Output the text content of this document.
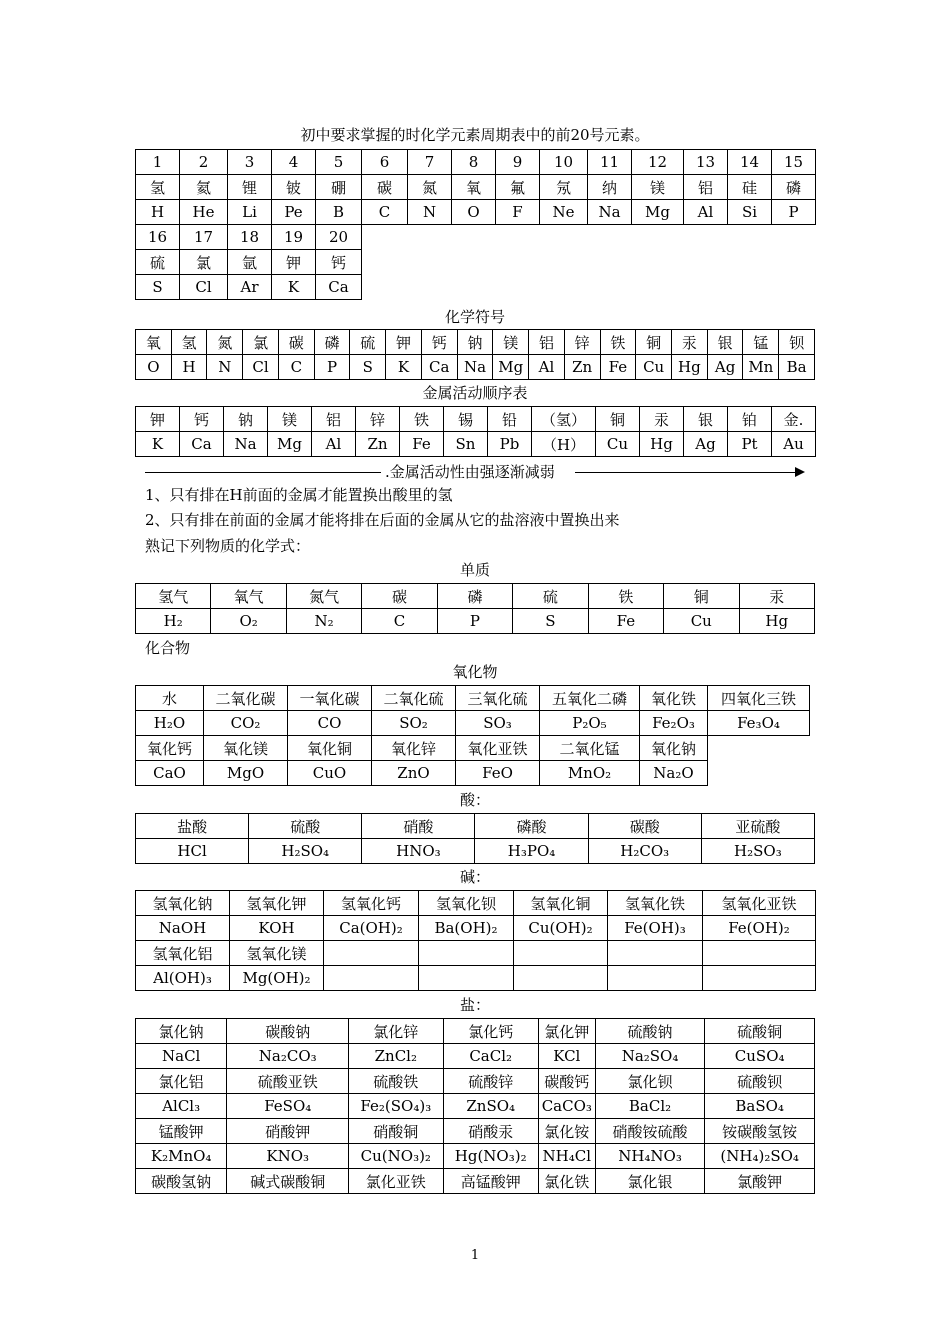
初中要求掌握的时化学元素周期表中的前20号元素。
1	2	3	4	5	6	7	8	9	10	11	12	13	14	15
氢	氦	锂	铍	硼	碳	氮	氧	氟	氖	纳	镁	铝	硅	磷
H	He	Li	Pe	B	C	N	O	F	Ne	Na	Mg	Al	Si	P
16	17	18	19	20										
硫	氯	氩	钾	钙										
S	Cl	Ar	K	Ca										
化学符号
氧	氢	氮	氯	碳	磷	硫	钾	钙	钠	镁	铝	锌	铁	铜	汞	银	锰	钡
O	H	N	Cl	C	P	S	K	Ca	Na	Mg	Al	Zn	Fe	Cu	Hg	Ag	Mn	Ba
金属活动顺序表
钾	钙	钠	镁	铝	锌	铁	锡	铅	（氢）	铜	汞	银	铂	金.
K	Ca	Na	Mg	Al	Zn	Fe	Sn	Pb	（H）	Cu	Hg	Ag	Pt	Au
.金属活动性由强逐渐减弱
1、只有排在H前面的金属才能置换出酸里的氢
2、只有排在前面的金属才能将排在后面的金属从它的盐溶液中置换出来
熟记下列物质的化学式：
单质
氢气	氧气	氮气	碳	磷	硫	铁	铜	汞
H₂	O₂	N₂	C	P	S	Fe	Cu	Hg
化合物
氧化物
水	二氧化碳	一氧化碳	二氧化硫	三氧化硫	五氧化二磷	氧化铁	四氧化三铁
H₂O	CO₂	CO	SO₂	SO₃	P₂O₅	Fe₂O₃	Fe₃O₄
氧化钙	氧化镁	氧化铜	氧化锌	氧化亚铁	二氧化锰	氧化钠	
CaO	MgO	CuO	ZnO	FeO	MnO₂	Na₂O	
酸：
盐酸	硫酸	硝酸	磷酸	碳酸	亚硫酸
HCl	H₂SO₄	HNO₃	H₃PO₄	H₂CO₃	H₂SO₃
碱：
氢氧化钠	氢氧化钾	氢氧化钙	氢氧化钡	氢氧化铜	氢氧化铁	氢氧化亚铁
NaOH	KOH	Ca(OH)₂	Ba(OH)₂	Cu(OH)₂	Fe(OH)₃	Fe(OH)₂
氢氧化铝	氢氧化镁					
Al(OH)₃	Mg(OH)₂					
盐：
氯化钠	碳酸钠	氯化锌	氯化钙	氯化钾	硫酸钠	硫酸铜
NaCl	Na₂CO₃	ZnCl₂	CaCl₂	KCl	Na₂SO₄	CuSO₄
氯化铝	硫酸亚铁	硫酸铁	硫酸锌	碳酸钙	氯化钡	硫酸钡
AlCl₃	FeSO₄	Fe₂(SO₄)₃	ZnSO₄	CaCO₃	BaCl₂	BaSO₄
锰酸钾	硝酸钾	硝酸铜	硝酸汞	氯化铵	硝酸铵硫酸	铵碳酸氢铵
K₂MnO₄	KNO₃	Cu(NO₃)₂	Hg(NO₃)₂	NH₄Cl	NH₄NO₃	(NH₄)₂SO₄
碳酸氢钠	碱式碳酸铜	氯化亚铁	高锰酸钾	氯化铁	氯化银	氯酸钾
1
